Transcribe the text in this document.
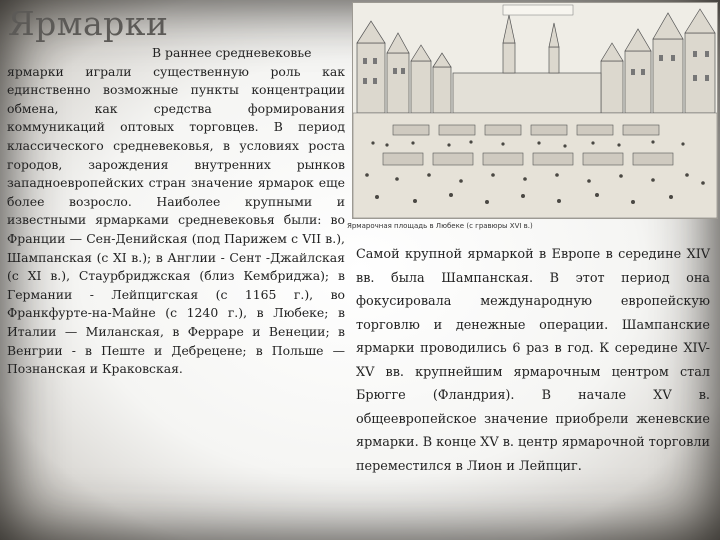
Ярмарки
В раннее средневековье
ярмарки играли существенную роль как единственно возможные пункты концентрации обмена, как средства формирования коммуникаций оптовых торговцев. В период классического средневековья, в условиях роста городов, зарождения внутренних рынков западноевропейских стран значение ярмарок еще более возросло. Наиболее крупными и известными ярмарками средневековья были: во Франции — Сен-Денийская (под Парижем с VII в.), Шампанская (с XI в.); в Англии - Сент -Джайлская (с XI в.), Стаурбриджская (близ Кембриджа); в Германии - Лейпцигская (с 1165 г.), во Франкфурте-на-Майне (с 1240 г.), в Любеке; в Италии — Миланская, в Ферраре и Венеции; в Венгрии - в Пеште и Дебрецене; в Польше — Познанская и Краковская.
Ярмарочная площадь в Любеке (с гравюры XVI в.)
Самой крупной ярмаркой в Европе в середине XIV вв. была Шампанская. В этот период она фокусировала международную европейскую торговлю и денежные операции. Шампанские ярмарки проводились 6 раз в год. К середине XIV-XV вв. крупнейшим ярмарочным центром стал Брюгге (Фландрия). В начале XV в. общеевропейское значение приобрели женевские ярмарки. В конце XV в. центр ярмарочной торговли переместился в Лион и Лейпциг.
